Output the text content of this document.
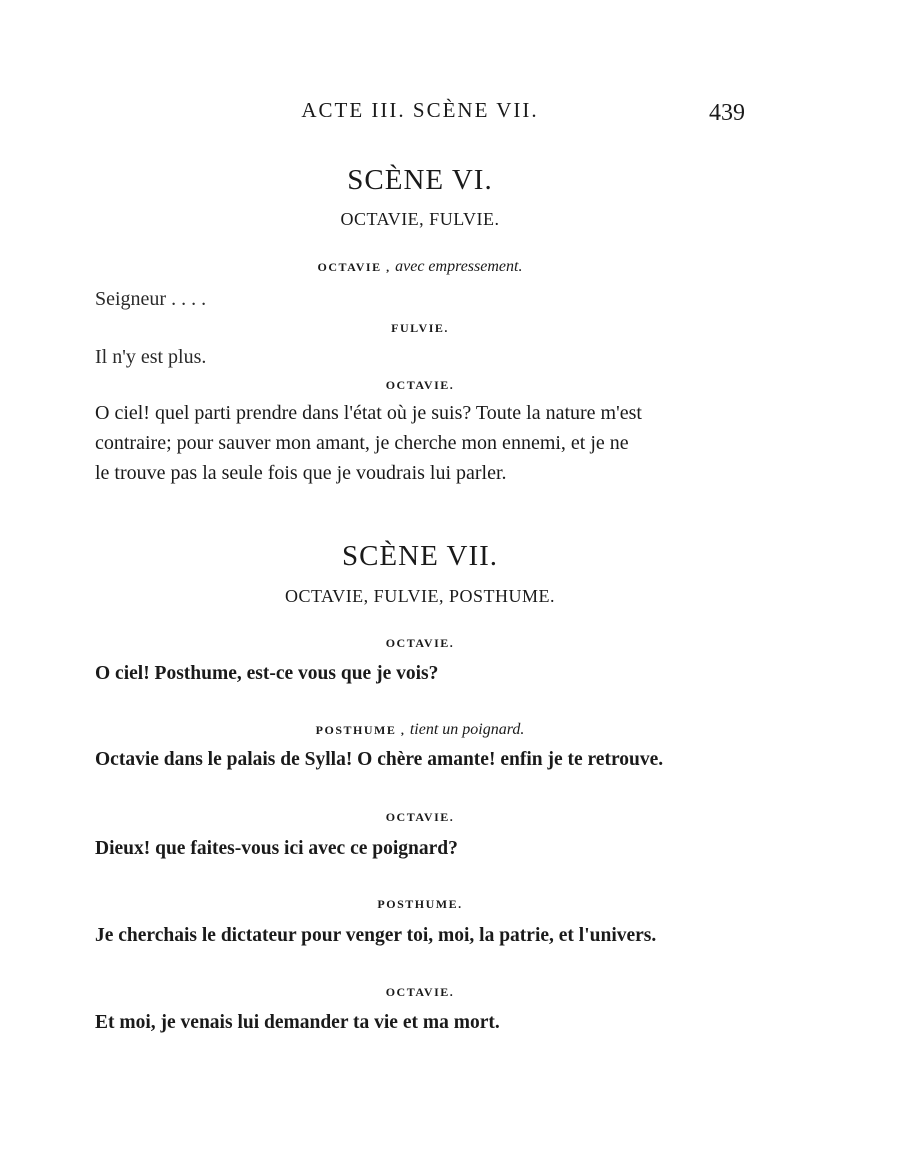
ACTE III. SCÈNE VII.	439
SCÈNE VI.
OCTAVIE, FULVIE.
OCTAVIE , avec empressement.
Seigneur . . . .
FULVIE.
Il n'y est plus.
OCTAVIE.
O ciel! quel parti prendre dans l'état où je suis? Toute la nature m'est
contraire; pour sauver mon amant, je cherche mon ennemi, et je ne
le trouve pas la seule fois que je voudrais lui parler.
SCÈNE VII.
OCTAVIE, FULVIE, POSTHUME.
OCTAVIE.
O ciel! Posthume, est-ce vous que je vois?
POSTHUME , tient un poignard.
Octavie dans le palais de Sylla! O chère amante! enfin je te retrouve.
OCTAVIE.
Dieux! que faites-vous ici avec ce poignard?
POSTHUME.
Je cherchais le dictateur pour venger toi, moi, la patrie, et l'univers.
OCTAVIE.
Et moi, je venais lui demander ta vie et ma mort.
